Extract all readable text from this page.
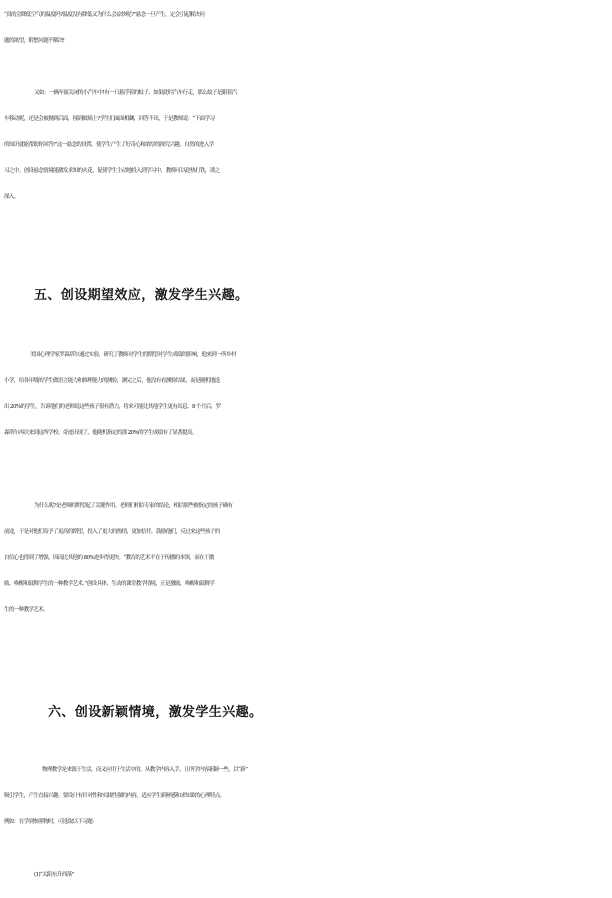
“真的会降低空气的温度吗?温度没有降低又为什么会凉快呢?”悬念一旦产生，定会引起解决问
题的欲望，附愁问题不解决!

又如：一辆车窗关闭的小汽车中!有一只悬浮着的蚊子，如果此时汽车行走，那么蚊子是跟着汽
车移动呢，还是会被抛到后面，撞到玻璃上?学生们面面相觑，回答不出，于是教师说：“下面学习
的知识就能帮助你回答!”这一悬念的设置，使学生产生了好奇心和浓厚的探究兴趣，自然的进入学
习之中。创设悬念情境能激发求知的火花，促使学生主动地投入到学习中，教师可以趁热打铁，诱之
深入。

五、创设期望效应，激发学生兴趣。

美国心理学家罗森塔尔通过实验，研究了教师对学生的期望对学生成绩的影响，他来到一所乡村
小学，给各年级的学生做语言能力和推理能力的测验，测完之后，他没有看测验结果，而是随机地选
出 20%的学生，告诉他们的老师说这些孩子很有潜力，将来可能比其他学生更有出息。8 个月后，罗
森塔尔再次来到这所学校。奇迹出现了，他随机指定的那 20%的学生成绩有了显著提高。

为什么呢?是老师的期望起了关键作用。老师们相信专家的结论，相信那些被指定的孩子确有
前途，于是对他们寄予了更高的期望，投入了更大的热情，更加信任、鼓励他们，反过来这些孩子的
自信心也得到了增强，因而比其他的 80%进步得更快。“教育的艺术不在于传播的本领，而在于激
励、唤醒和鼓舞学生的一种教学艺术。”创设具体、生动的课堂教学情境，正是激励，唤醒和鼓舞学
生的一种教学艺术。

六、创设新颖情境，激发学生兴趣。

物理教学是来源于生活，而又应用于生活中的。从教学内容入手，让所学内容新颖一些，以“新”
吸引学生，产生直接兴趣。要设计有针对性和实践性强的内容，适应学生新鲜感和求知欲的心理特点。
例如：在学到参照物时，可选取以下习题：

(1)“太阳东升西落”
